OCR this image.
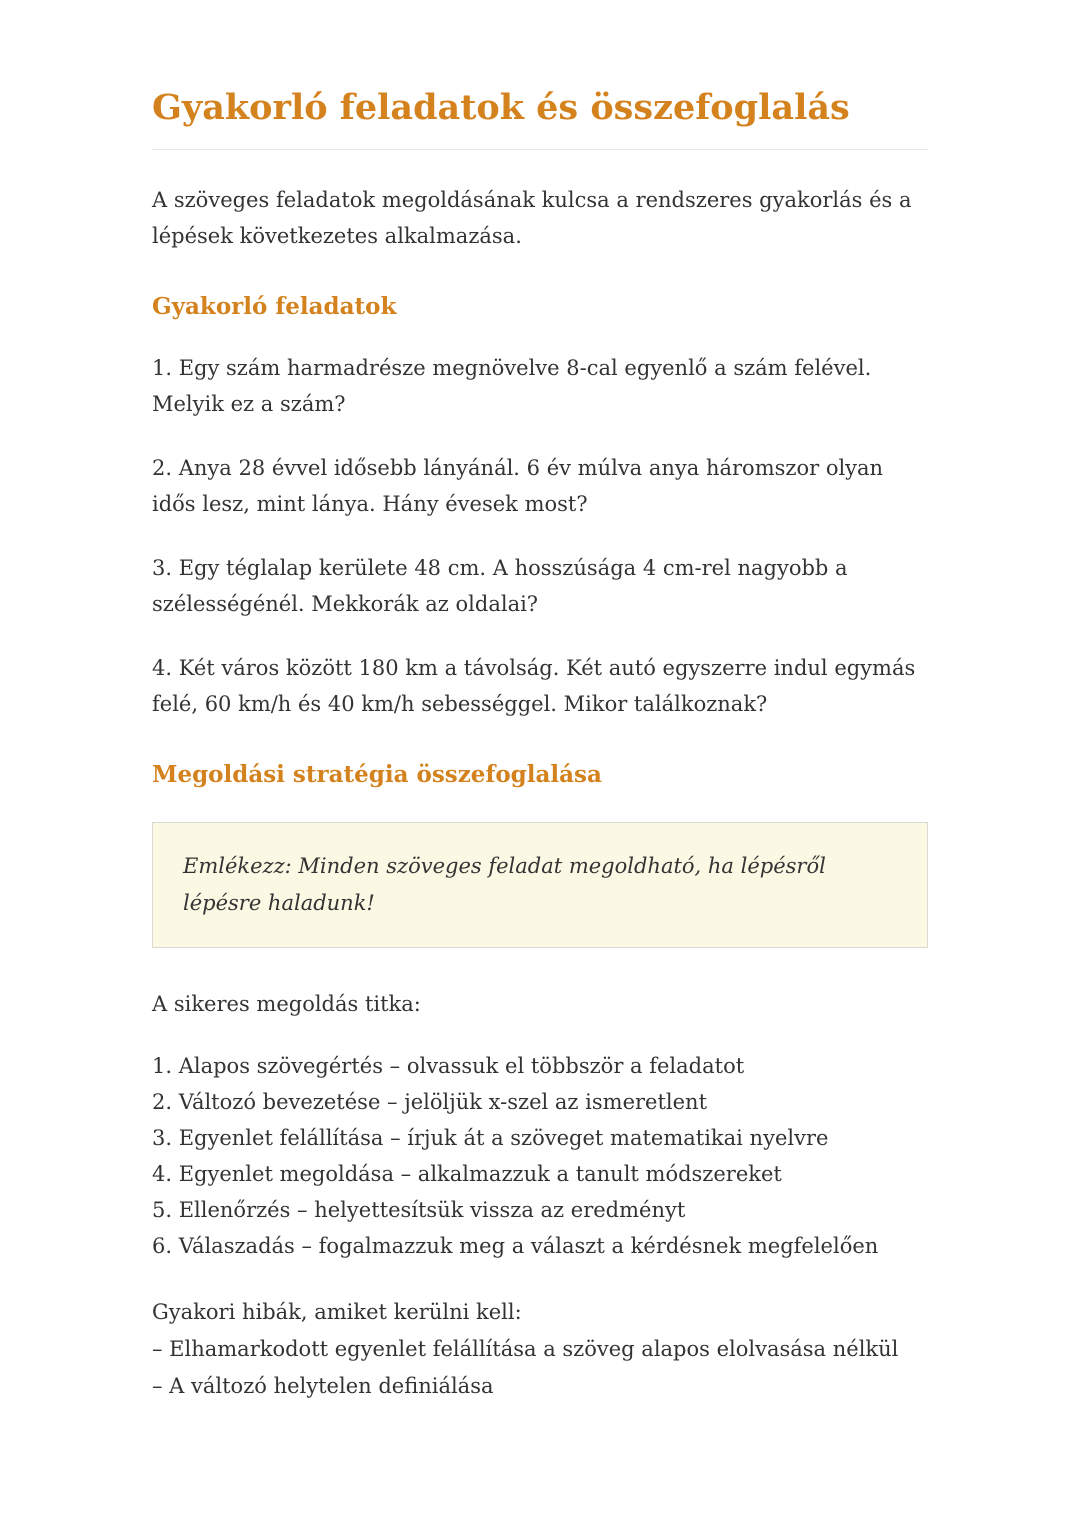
Gyakorló feladatok és összefoglalás

A szöveges feladatok megoldásának kulcsa a rendszeres gyakorlás és a lépések következetes alkalmazása.

Gyakorló feladatok

1. Egy szám harmadrésze megnövelve 8-cal egyenlő a szám felével. Melyik ez a szám?

2. Anya 28 évvel idősebb lányánál. 6 év múlva anya háromszor olyan idős lesz, mint lánya. Hány évesek most?

3. Egy téglalap kerülete 48 cm. A hosszúsága 4 cm-rel nagyobb a szélességénél. Mekkorák az oldalai?

4. Két város között 180 km a távolság. Két autó egyszerre indul egymás felé, 60 km/h és 40 km/h sebességgel. Mikor találkoznak?

Megoldási stratégia összefoglalása

Emlékezz: Minden szöveges feladat megoldható, ha lépésről lépésre haladunk!

A sikeres megoldás titka:

1. Alapos szövegértés – olvassuk el többször a feladatot
2. Változó bevezetése – jelöljük x-szel az ismeretlent
3. Egyenlet felállítása – írjuk át a szöveget matematikai nyelvre
4. Egyenlet megoldása – alkalmazzuk a tanult módszereket
5. Ellenőrzés – helyettesítsük vissza az eredményt
6. Válaszadás – fogalmazzuk meg a választ a kérdésnek megfelelően
Gyakori hibák, amiket kerülni kell:
– Elhamarkodott egyenlet felállítása a szöveg alapos elolvasása nélkül
– A változó helytelen definiálása
